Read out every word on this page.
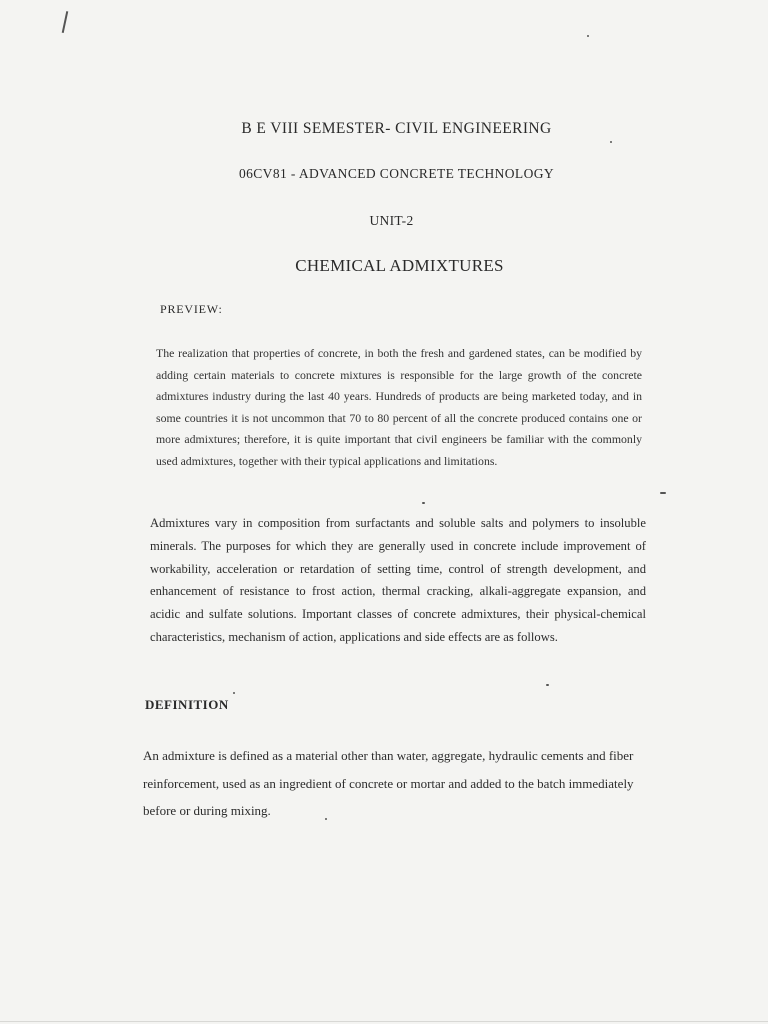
B E VIII SEMESTER- CIVIL ENGINEERING
06CV81 - ADVANCED CONCRETE TECHNOLOGY
UNIT-2
CHEMICAL ADMIXTURES
PREVIEW:

The realization that properties of concrete, in both the fresh and gardened states, can be modified by adding certain materials to concrete mixtures is responsible for the large growth of the concrete admixtures industry during the last 40 years. Hundreds of products are being marketed today, and in some countries it is not uncommon that 70 to 80 percent of all the concrete produced contains one or more admixtures; therefore, it is quite important that civil engineers be familiar with the commonly used admixtures, together with their typical applications and limitations.

Admixtures vary in composition from surfactants and soluble salts and polymers to insoluble minerals. The purposes for which they are generally used in concrete include improvement of workability, acceleration or retardation of setting time, control of strength development, and enhancement of resistance to frost action, thermal cracking, alkali-aggregate expansion, and acidic and sulfate solutions. Important classes of concrete admixtures, their physical-chemical characteristics, mechanism of action, applications and side effects are as follows.

DEFINITION

An admixture is defined as a material other than water, aggregate, hydraulic cements and fiber reinforcement, used as an ingredient of concrete or mortar and added to the batch immediately before or during mixing.
